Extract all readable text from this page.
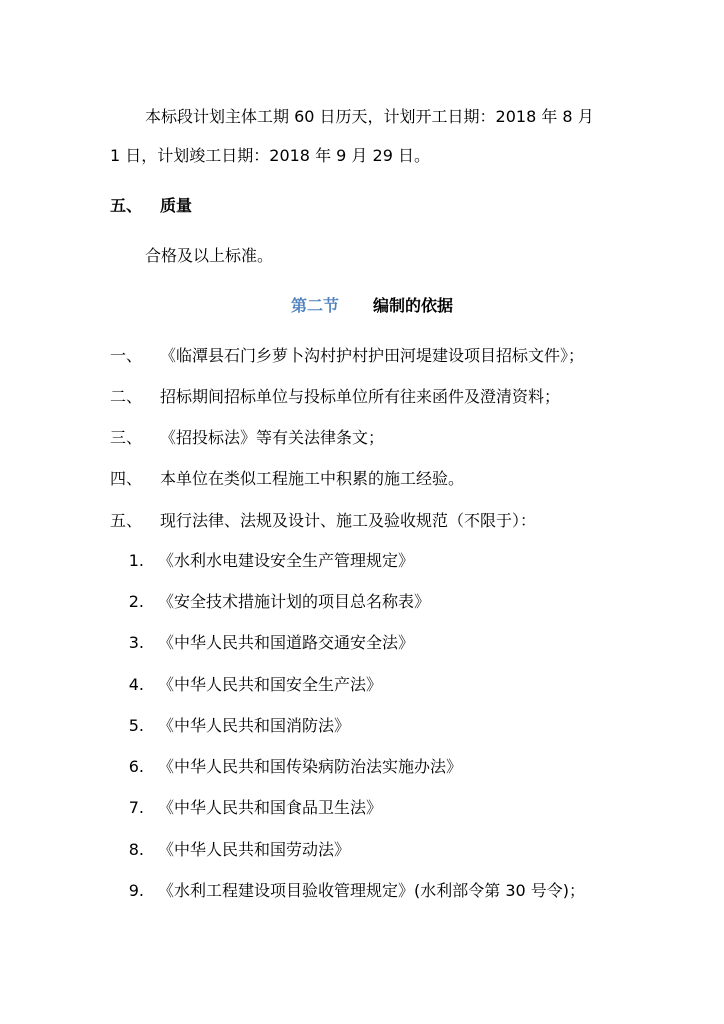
本标段计划主体工期 60 日历天，计划开工日期：2018 年 8 月
1 日，计划竣工日期：2018 年 9 月 29 日。
五、 质量
合格及以上标准。
第二节 编制的依据
一、 《临潭县石门乡萝卜沟村护村护田河堤建设项目招标文件》；
二、 招标期间招标单位与投标单位所有往来函件及澄清资料；
三、 《招投标法》等有关法律条文；
四、 本单位在类似工程施工中积累的施工经验。
五、 现行法律、法规及设计、施工及验收规范（不限于）：
1. 《水利水电建设安全生产管理规定》
2. 《安全技术措施计划的项目总名称表》
3. 《中华人民共和国道路交通安全法》
4. 《中华人民共和国安全生产法》
5. 《中华人民共和国消防法》
6. 《中华人民共和国传染病防治法实施办法》
7. 《中华人民共和国食品卫生法》
8. 《中华人民共和国劳动法》
9. 《水利工程建设项目验收管理规定》(水利部令第 30 号令)；
